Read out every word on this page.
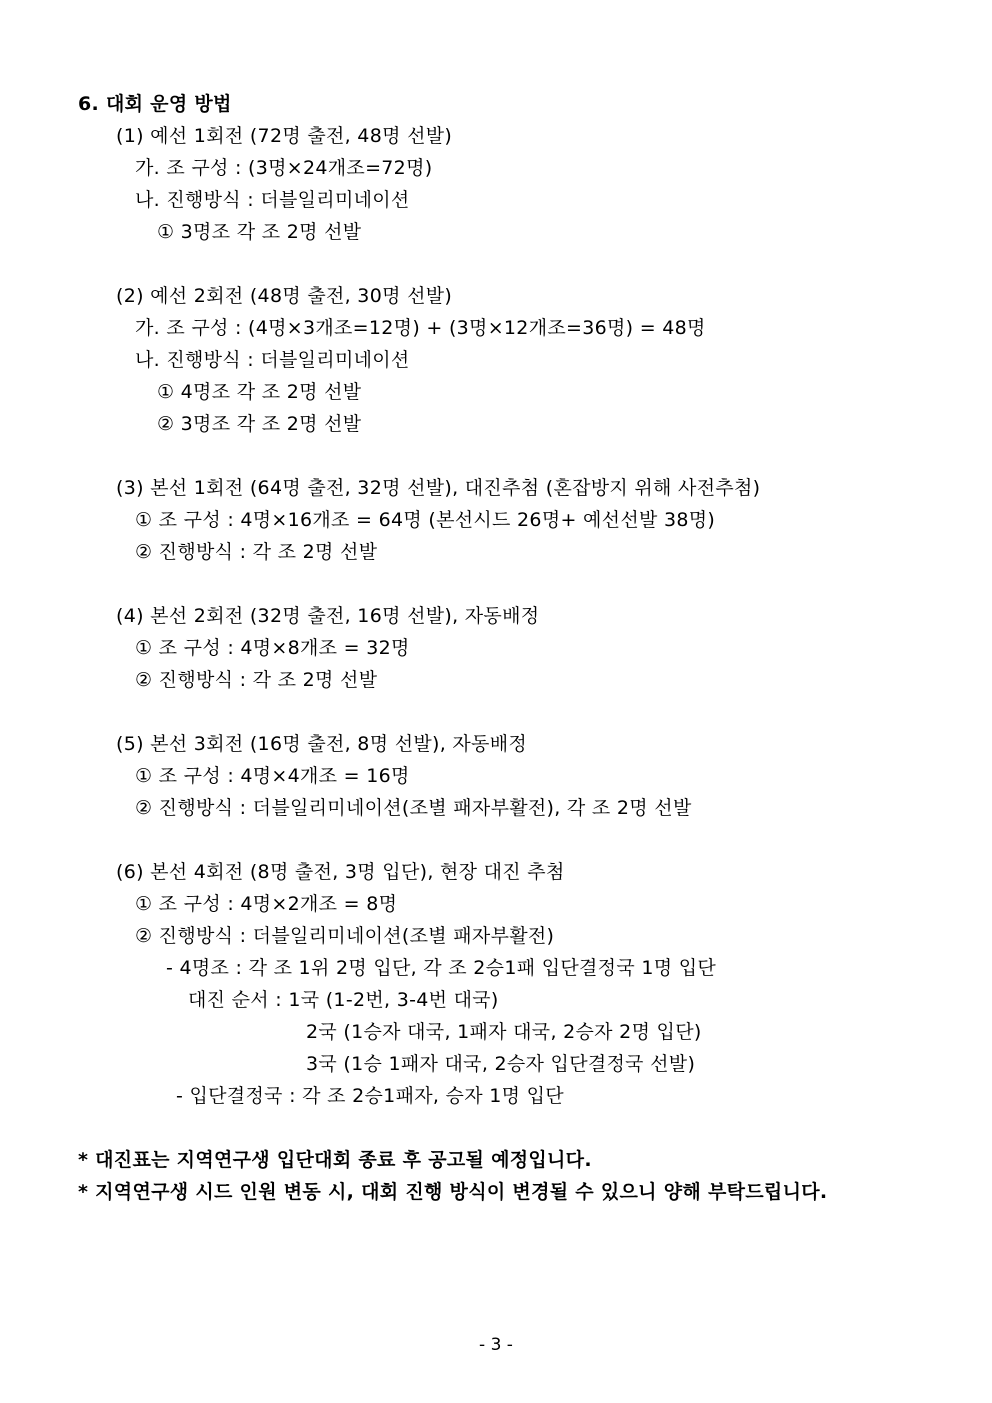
6. 대회 운영 방법
(1) 예선 1회전 (72명 출전, 48명 선발)
가. 조 구성 : (3명×24개조=72명)
나. 진행방식 : 더블일리미네이션
① 3명조 각 조 2명 선발
(2) 예선 2회전 (48명 출전, 30명 선발)
가. 조 구성 : (4명×3개조=12명) + (3명×12개조=36명) = 48명
나. 진행방식 : 더블일리미네이션
① 4명조 각 조 2명 선발
② 3명조 각 조 2명 선발
(3) 본선 1회전 (64명 출전, 32명 선발), 대진추첨 (혼잡방지 위해 사전추첨)
① 조 구성 : 4명×16개조 = 64명 (본선시드 26명+ 예선선발 38명)
② 진행방식 : 각 조 2명 선발
(4) 본선 2회전 (32명 출전, 16명 선발), 자동배정
① 조 구성 : 4명×8개조 = 32명
② 진행방식 : 각 조 2명 선발
(5) 본선 3회전 (16명 출전, 8명 선발), 자동배정
① 조 구성 : 4명×4개조 = 16명
② 진행방식 : 더블일리미네이션(조별 패자부활전), 각 조 2명 선발
(6) 본선 4회전 (8명 출전, 3명 입단), 현장 대진 추첨
① 조 구성 : 4명×2개조 = 8명
② 진행방식 : 더블일리미네이션(조별 패자부활전)
- 4명조 : 각 조 1위 2명 입단, 각 조 2승1패 입단결정국 1명 입단
대진 순서 : 1국 (1-2번, 3-4번 대국)
2국 (1승자 대국, 1패자 대국, 2승자 2명 입단)
3국 (1승 1패자 대국, 2승자 입단결정국 선발)
- 입단결정국 : 각 조 2승1패자, 승자 1명 입단
* 대진표는 지역연구생 입단대회 종료 후 공고될 예정입니다.
* 지역연구생 시드 인원 변동 시, 대회 진행 방식이 변경될 수 있으니 양해 부탁드립니다.
- 3 -
